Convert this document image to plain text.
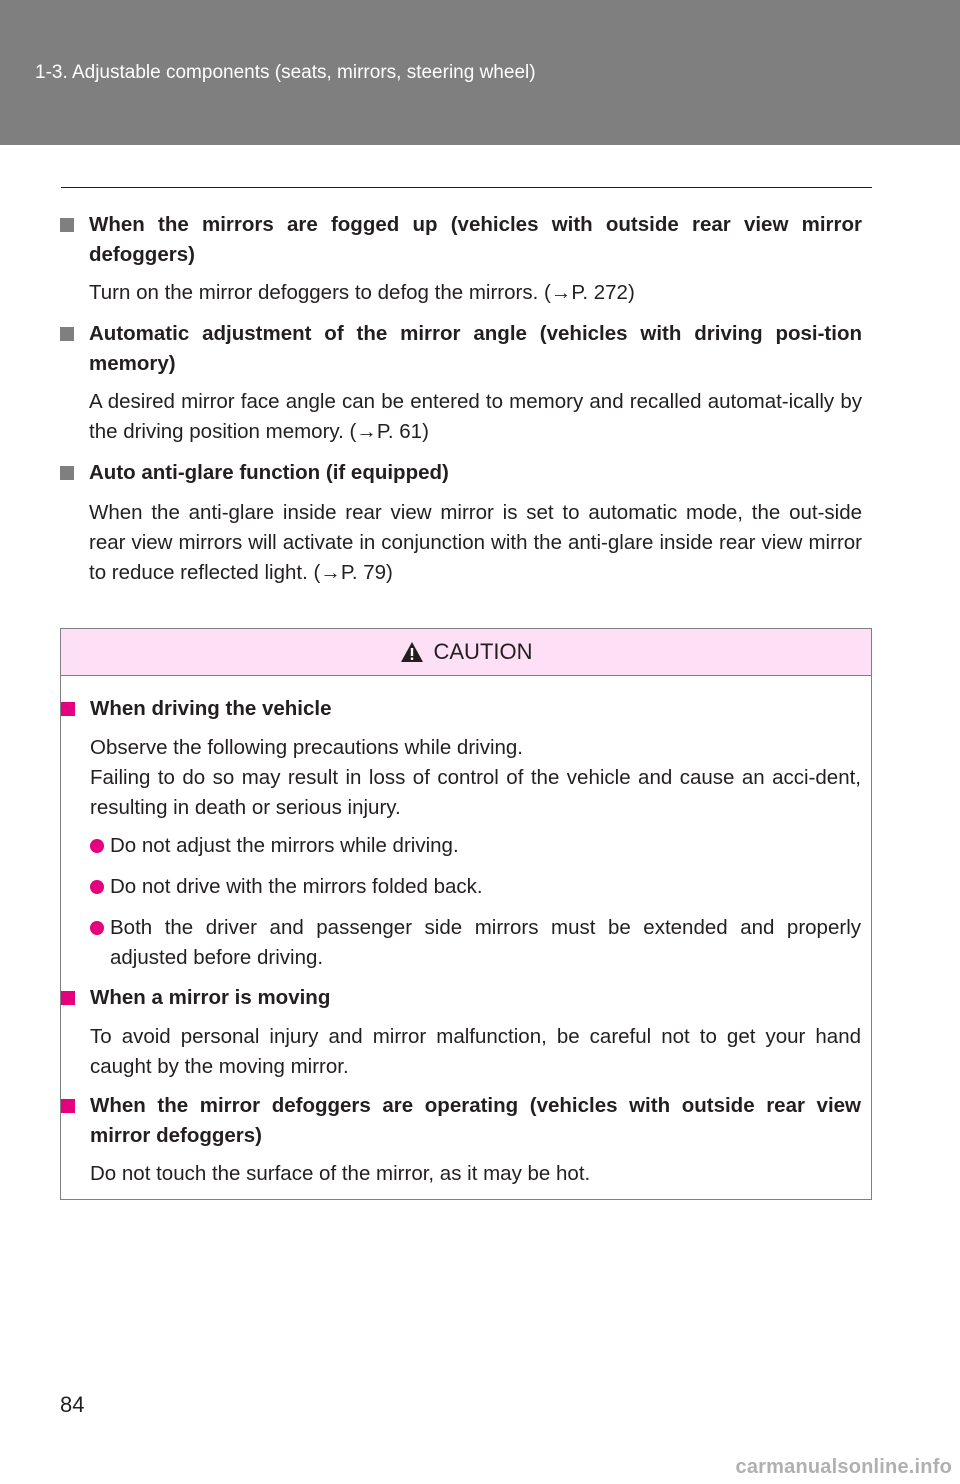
1-3. Adjustable components (seats, mirrors, steering wheel)
When the mirrors are fogged up (vehicles with outside rear view mirror defoggers)
Turn on the mirror defoggers to defog the mirrors. (→P. 272)
Automatic adjustment of the mirror angle (vehicles with driving posi-tion memory)
A desired mirror face angle can be entered to memory and recalled automat-ically by the driving position memory. (→P. 61)
Auto anti-glare function (if equipped)
When the anti-glare inside rear view mirror is set to automatic mode, the out-side rear view mirrors will activate in conjunction with the anti-glare inside rear view mirror to reduce reflected light. (→P. 79)
CAUTION
When driving the vehicle
Observe the following precautions while driving.
Failing to do so may result in loss of control of the vehicle and cause an acci-dent, resulting in death or serious injury.
Do not adjust the mirrors while driving.
Do not drive with the mirrors folded back.
Both the driver and passenger side mirrors must be extended and properly adjusted before driving.
When a mirror is moving
To avoid personal injury and mirror malfunction, be careful not to get your hand caught by the moving mirror.
When the mirror defoggers are operating (vehicles with outside rear view mirror defoggers)
Do not touch the surface of the mirror, as it may be hot.
84
carmanualsonline.info
